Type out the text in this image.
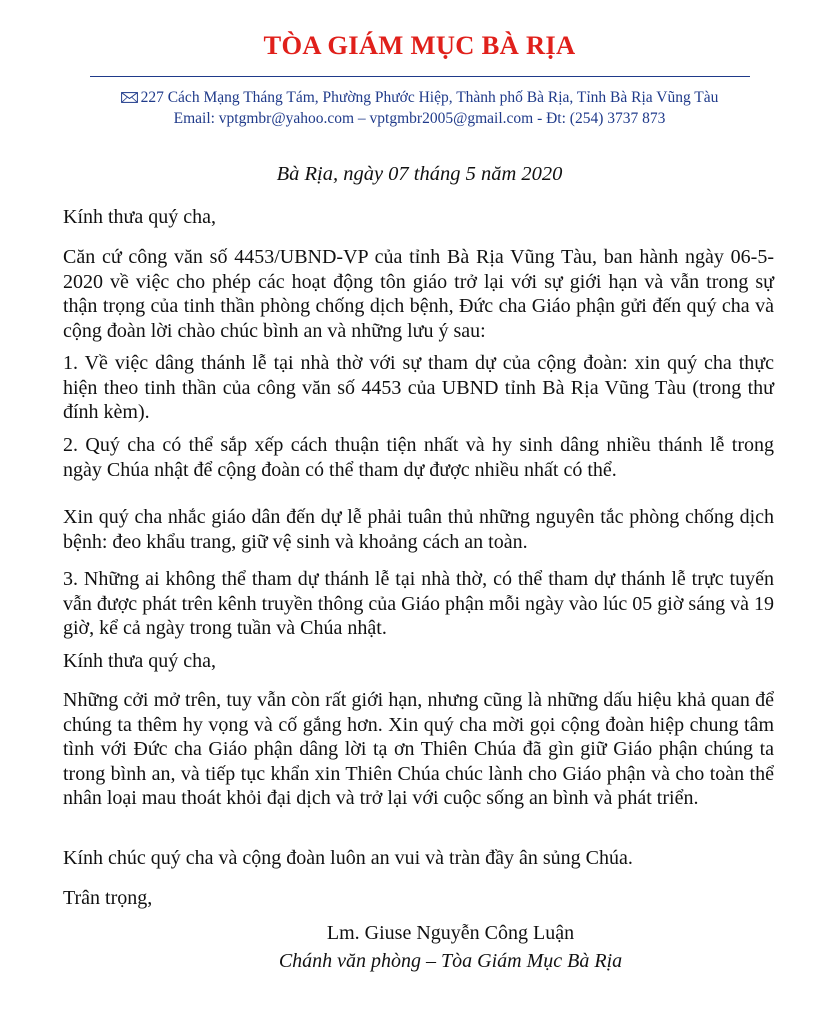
TÒA GIÁM MỤC BÀ RỊA
227 Cách Mạng Tháng Tám, Phường Phước Hiệp, Thành phố Bà Rịa, Tỉnh Bà Rịa Vũng Tàu
Email: vptgmbr@yahoo.com – vptgmbr2005@gmail.com - Đt: (254) 3737 873
Bà Rịa, ngày 07 tháng 5 năm 2020

Kính thưa quý cha,

Căn cứ công văn số 4453/UBND-VP của tỉnh Bà Rịa Vũng Tàu, ban hành ngày 06-5-2020 về việc cho phép các hoạt động tôn giáo trở lại với sự giới hạn và vẫn trong sự thận trọng của tinh thần phòng chống dịch bệnh, Đức cha Giáo phận gửi đến quý cha và cộng đoàn lời chào chúc bình an và những lưu ý sau:

1. Về việc dâng thánh lễ tại nhà thờ với sự tham dự của cộng đoàn: xin quý cha thực hiện theo tinh thần của công văn số 4453 của UBND tỉnh Bà Rịa Vũng Tàu (trong thư đính kèm).

2. Quý cha có thể sắp xếp cách thuận tiện nhất và hy sinh dâng nhiều thánh lễ trong ngày Chúa nhật để cộng đoàn có thể tham dự được nhiều nhất có thể.

Xin quý cha nhắc giáo dân đến dự lễ phải tuân thủ những nguyên tắc phòng chống dịch bệnh: đeo khẩu trang, giữ vệ sinh và khoảng cách an toàn.

3. Những ai không thể tham dự thánh lễ tại nhà thờ, có thể tham dự thánh lễ trực tuyến vẫn được phát trên kênh truyền thông của Giáo phận mỗi ngày vào lúc 05 giờ sáng và 19 giờ, kể cả ngày trong tuần và Chúa nhật.

Kính thưa quý cha,

Những cởi mở trên, tuy vẫn còn rất giới hạn, nhưng cũng là những dấu hiệu khả quan để chúng ta thêm hy vọng và cố gắng hơn. Xin quý cha mời gọi cộng đoàn hiệp chung tâm tình với Đức cha Giáo phận dâng lời tạ ơn Thiên Chúa đã gìn giữ Giáo phận chúng ta trong bình an, và tiếp tục khẩn xin Thiên Chúa chúc lành cho Giáo phận và cho toàn thể nhân loại mau thoát khỏi đại dịch và trở lại với cuộc sống an bình và phát triển.

Kính chúc quý cha và cộng đoàn luôn an vui và tràn đầy ân sủng Chúa.

Trân trọng,

Lm. Giuse Nguyễn Công Luận
Chánh văn phòng – Tòa Giám Mục Bà Rịa
